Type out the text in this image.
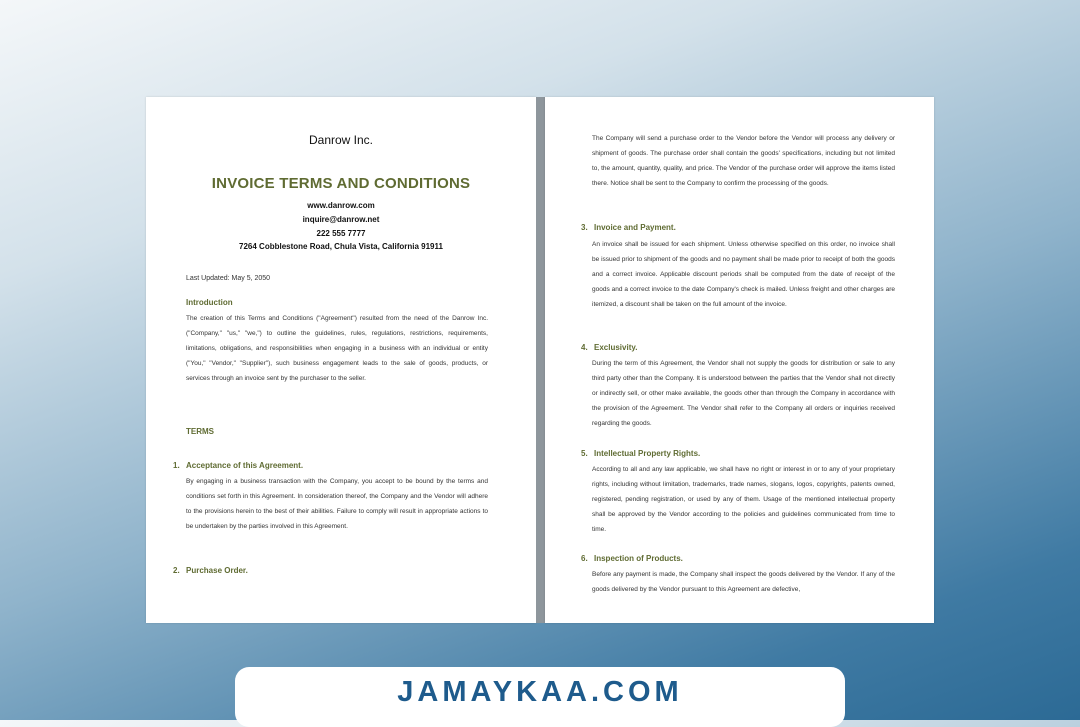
Danrow Inc.
INVOICE TERMS AND CONDITIONS
www.danrow.com
inquire@danrow.net
222 555 7777
7264 Cobblestone Road, Chula Vista, California 91911
Last Updated: May 5, 2050
Introduction
The creation of this Terms and Conditions ("Agreement") resulted from the need of the Danrow Inc. ("Company," "us," "we,") to outline the guidelines, rules, regulations, restrictions, requirements, limitations, obligations, and responsibilities when engaging in a business with an individual or entity ("You," "Vendor," "Supplier"), such business engagement leads to the sale of goods, products, or services through an invoice sent by the purchaser to the seller.
TERMS
1. Acceptance of this Agreement.
By engaging in a business transaction with the Company, you accept to be bound by the terms and conditions set forth in this Agreement. In consideration thereof, the Company and the Vendor will adhere to the provisions herein to the best of their abilities. Failure to comply will result in appropriate actions to be undertaken by the parties involved in this Agreement.
2. Purchase Order.
The Company will send a purchase order to the Vendor before the Vendor will process any delivery or shipment of goods. The purchase order shall contain the goods' specifications, including but not limited to, the amount, quantity, quality, and price. The Vendor of the purchase order will approve the items listed there. Notice shall be sent to the Company to confirm the processing of the goods.
3. Invoice and Payment.
An invoice shall be issued for each shipment. Unless otherwise specified on this order, no invoice shall be issued prior to shipment of the goods and no payment shall be made prior to receipt of both the goods and a correct invoice. Applicable discount periods shall be computed from the date of receipt of the goods and a correct invoice to the date Company's check is mailed. Unless freight and other charges are itemized, a discount shall be taken on the full amount of the invoice.
4. Exclusivity.
During the term of this Agreement, the Vendor shall not supply the goods for distribution or sale to any third party other than the Company. It is understood between the parties that the Vendor shall not directly or indirectly sell, or other make available, the goods other than through the Company in accordance with the provision of the Agreement. The Vendor shall refer to the Company all orders or inquiries received regarding the goods.
5. Intellectual Property Rights.
According to all and any law applicable, we shall have no right or interest in or to any of your proprietary rights, including without limitation, trademarks, trade names, slogans, logos, copyrights, patents owned, registered, pending registration, or used by any of them. Usage of the mentioned intellectual property shall be approved by the Vendor according to the policies and guidelines communicated from time to time.
6. Inspection of Products.
Before any payment is made, the Company shall inspect the goods delivered by the Vendor. If any of the goods delivered by the Vendor pursuant to this Agreement are defective,
JAMAYKAA.COM
